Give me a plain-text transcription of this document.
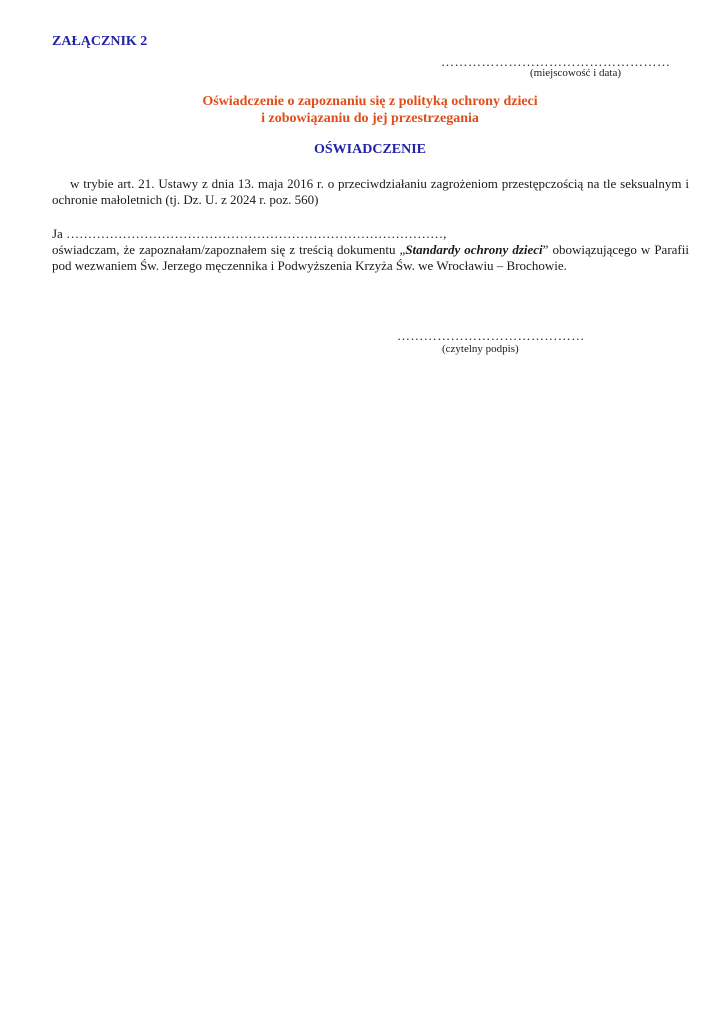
ZAŁĄCZNIK 2
……………………………………………
(miejscowość i data)
Oświadczenie o zapoznaniu się z polityką ochrony dzieci
i zobowiązaniu do jej przestrzegania
OŚWIADCZENIE
w trybie art. 21. Ustawy z dnia 13. maja 2016 r. o przeciwdziałaniu zagrożeniom przestępczością na tle seksualnym i ochronie małoletnich (tj. Dz. U. z 2024 r. poz. 560)
Ja ……………………………………………………………………………,
oświadczam, że zapoznałam/zapoznałem się z treścią dokumentu „Standardy ochrony dzieci” obowiązującego w Parafii pod wezwaniem Św. Jerzego męczennika i Podwyższenia Krzyża Św. we Wrocławiu – Brochowie.
……………………………………
(czytelny podpis)
